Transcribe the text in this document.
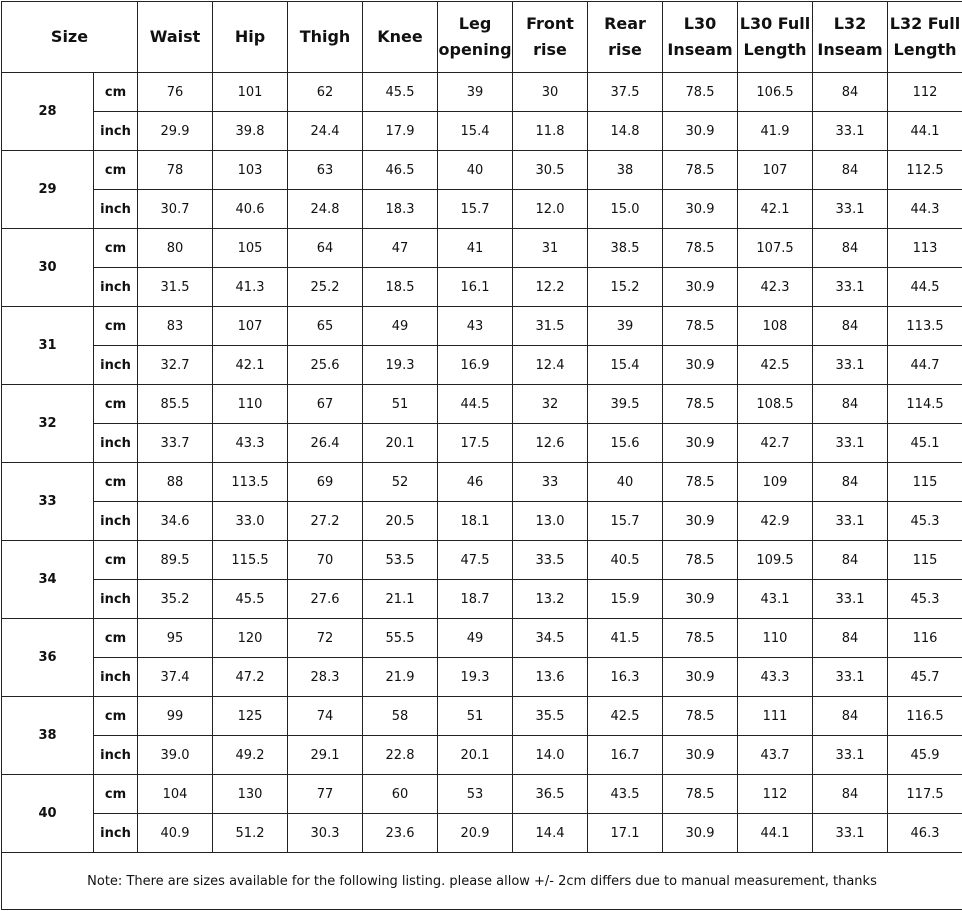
Size		Waist	Hip	Thigh	Knee	Leg opening	Front rise	Rear rise	L30 Inseam	L30 Full Length	L32 Inseam	L32 Full Length
28	cm	76	101	62	45.5	39	30	37.5	78.5	106.5	84	112
	inch	29.9	39.8	24.4	17.9	15.4	11.8	14.8	30.9	41.9	33.1	44.1
29	cm	78	103	63	46.5	40	30.5	38	78.5	107	84	112.5
	inch	30.7	40.6	24.8	18.3	15.7	12.0	15.0	30.9	42.1	33.1	44.3
30	cm	80	105	64	47	41	31	38.5	78.5	107.5	84	113
	inch	31.5	41.3	25.2	18.5	16.1	12.2	15.2	30.9	42.3	33.1	44.5
31	cm	83	107	65	49	43	31.5	39	78.5	108	84	113.5
	inch	32.7	42.1	25.6	19.3	16.9	12.4	15.4	30.9	42.5	33.1	44.7
32	cm	85.5	110	67	51	44.5	32	39.5	78.5	108.5	84	114.5
	inch	33.7	43.3	26.4	20.1	17.5	12.6	15.6	30.9	42.7	33.1	45.1
33	cm	88	113.5	69	52	46	33	40	78.5	109	84	115
	inch	34.6	33.0	27.2	20.5	18.1	13.0	15.7	30.9	42.9	33.1	45.3
34	cm	89.5	115.5	70	53.5	47.5	33.5	40.5	78.5	109.5	84	115
	inch	35.2	45.5	27.6	21.1	18.7	13.2	15.9	30.9	43.1	33.1	45.3
36	cm	95	120	72	55.5	49	34.5	41.5	78.5	110	84	116
	inch	37.4	47.2	28.3	21.9	19.3	13.6	16.3	30.9	43.3	33.1	45.7
38	cm	99	125	74	58	51	35.5	42.5	78.5	111	84	116.5
	inch	39.0	49.2	29.1	22.8	20.1	14.0	16.7	30.9	43.7	33.1	45.9
40	cm	104	130	77	60	53	36.5	43.5	78.5	112	84	117.5
	inch	40.9	51.2	30.3	23.6	20.9	14.4	17.1	30.9	44.1	33.1	46.3
Note: There are sizes available for the following listing. please allow +/- 2cm differs due to manual measurement, thanks												
